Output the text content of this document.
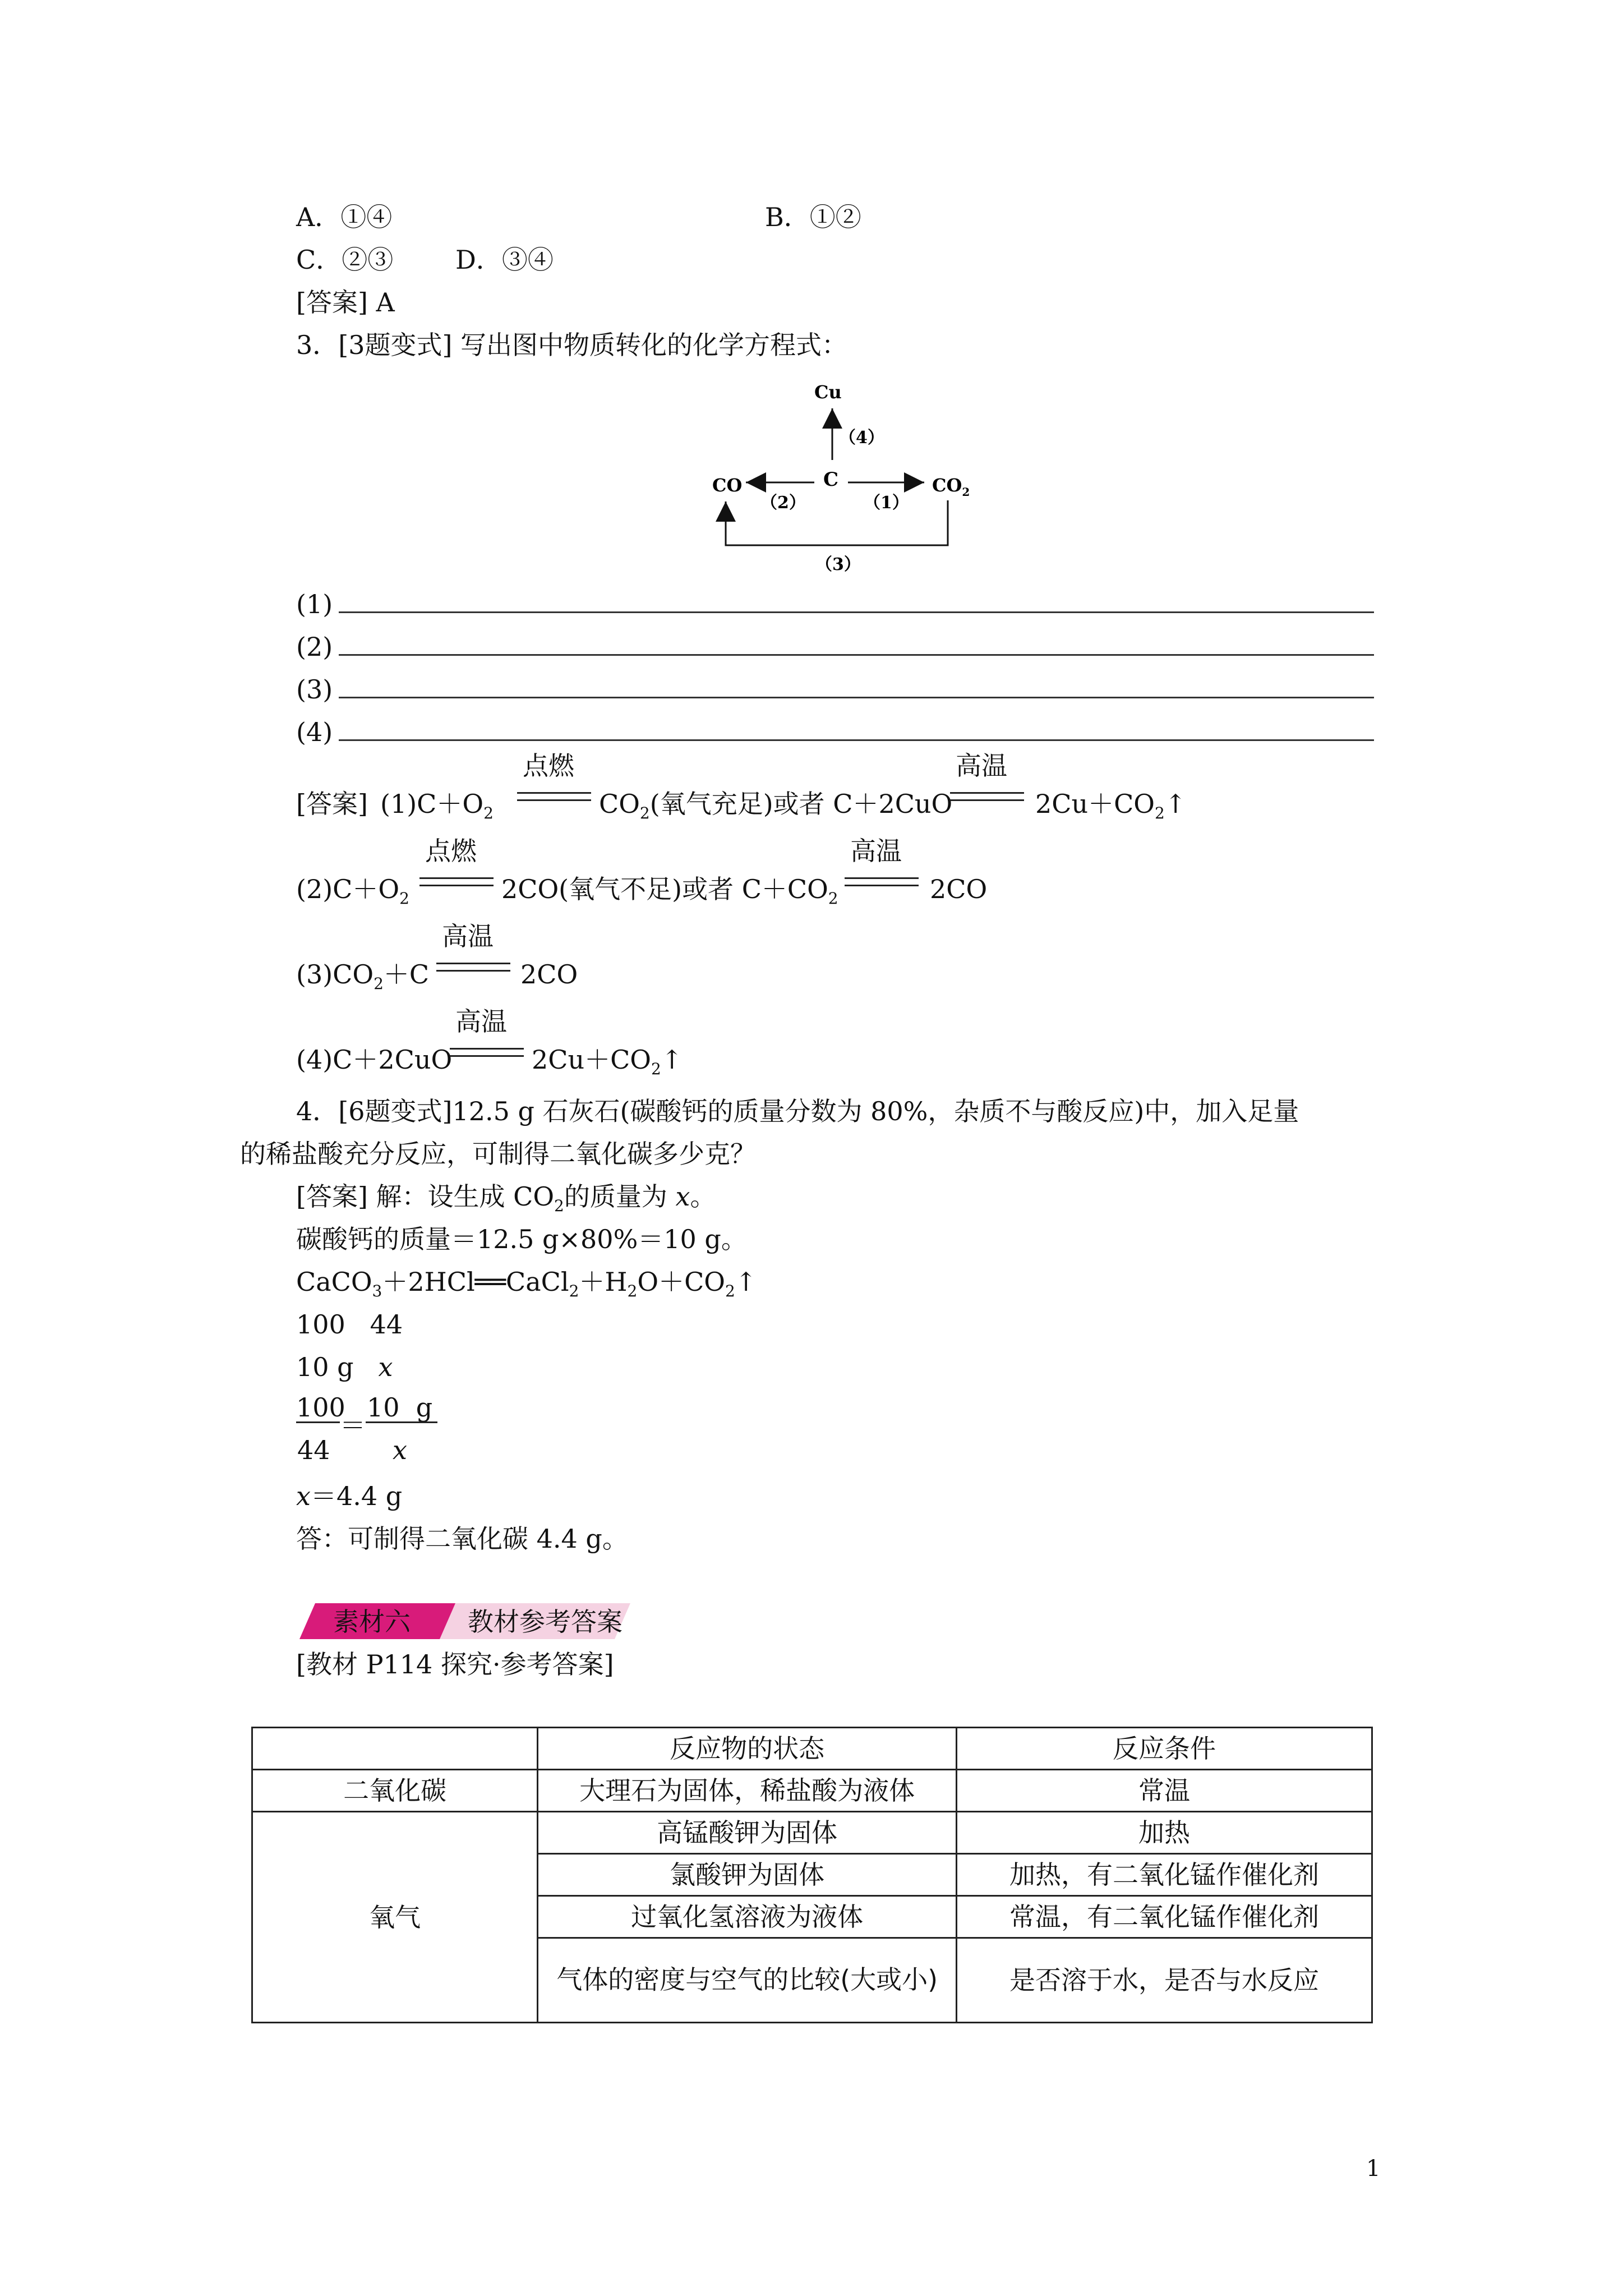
A．①④	B．①②
C．②③ D．③④
[答案] A
3．[3题变式] 写出图中物质转化的化学方程式：
Cu
（4）
C
CO	$CO_2$
（2）	（1）
（3）
(1)
(2)
(3)
(4)
[答案] $(1)C+O_2$
点燃
$CO_2$(氧气充足)或者 C＋2CuO
高温
$2Cu+CO_2↑$
$(2)C+O_2$
点燃
2CO(氧气不足)或者 $C+CO_2$
高温
2CO
$(3)CO_2+C$
高温
2CO
(4)C＋2CuO
高温
$2Cu+CO_2↑$
4．[6题变式]12.5 g 石灰石(碳酸钙的质量分数为 80%，杂质不与酸反应)中，加入足量
的稀盐酸充分反应，可制得二氧化碳多少克？
[答案] 解：设生成 $CO_2$的质量为 x。
碳酸钙的质量＝12.5 g×80%＝10 g。
$CaCO_3+2HCl══CaCl_2+H_2O+CO_2↑$
100   44
10 g   x
100
44
＝
10  g
x
x＝4.4 g
答：可制得二氧化碳 4.4 g。
素材六 教材参考答案
[教材 P114 探究·参考答案]
	反应物的状态	反应条件
二氧化碳	大理石为固体，稀盐酸为液体	常温
氧气	高锰酸钾为固体	加热
	氯酸钾为固体	加热，有二氧化锰作催化剂
	过氧化氢溶液为液体	常温，有二氧化锰作催化剂
	气体的密度与空气的比较(大或小)	是否溶于水，是否与水反应
1
